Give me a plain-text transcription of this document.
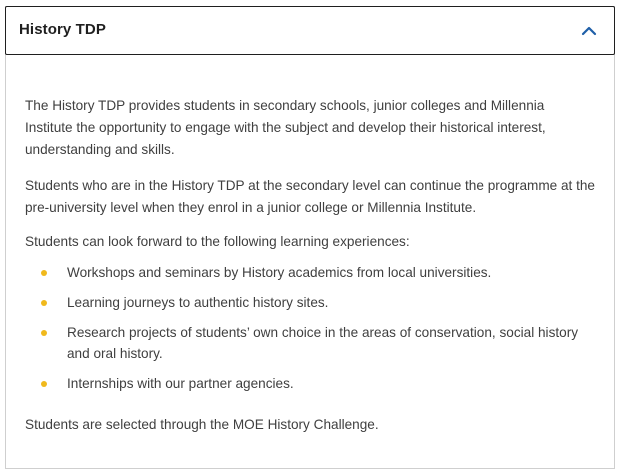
History TDP

The History TDP provides students in secondary schools, junior colleges and Millennia Institute the opportunity to engage with the subject and develop their historical interest, understanding and skills.

Students who are in the History TDP at the secondary level can continue the programme at the pre-university level when they enrol in a junior college or Millennia Institute.

Students can look forward to the following learning experiences:

Workshops and seminars by History academics from local universities.
Learning journeys to authentic history sites.
Research projects of students’ own choice in the areas of conservation, social history and oral history.
Internships with our partner agencies.

Students are selected through the MOE History Challenge.
